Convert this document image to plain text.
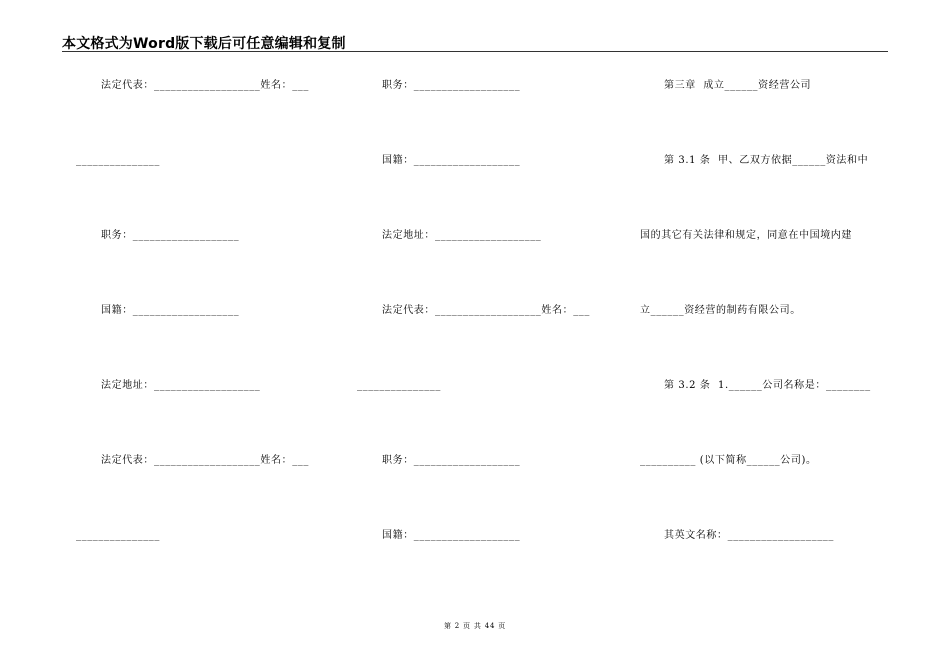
本文格式为Word版下载后可任意编辑和复制
法定代表：___________________姓名：___
_______________
职务：___________________
国籍：___________________
法定地址：___________________
法定代表：___________________姓名：___
_______________
职务：___________________
国籍：___________________
法定地址：___________________
法定代表：___________________姓名：___
_______________
职务：___________________
国籍：___________________
第三章  成立______资经营公司
第 3.1 条  甲、乙双方依据______资法和中
国的其它有关法律和规定，同意在中国境内建
立______资经营的制药有限公司。
第 3.2 条  1.______公司名称是：________
__________ (以下简称______公司)。
其英文名称：___________________
第 2 页 共 44 页
